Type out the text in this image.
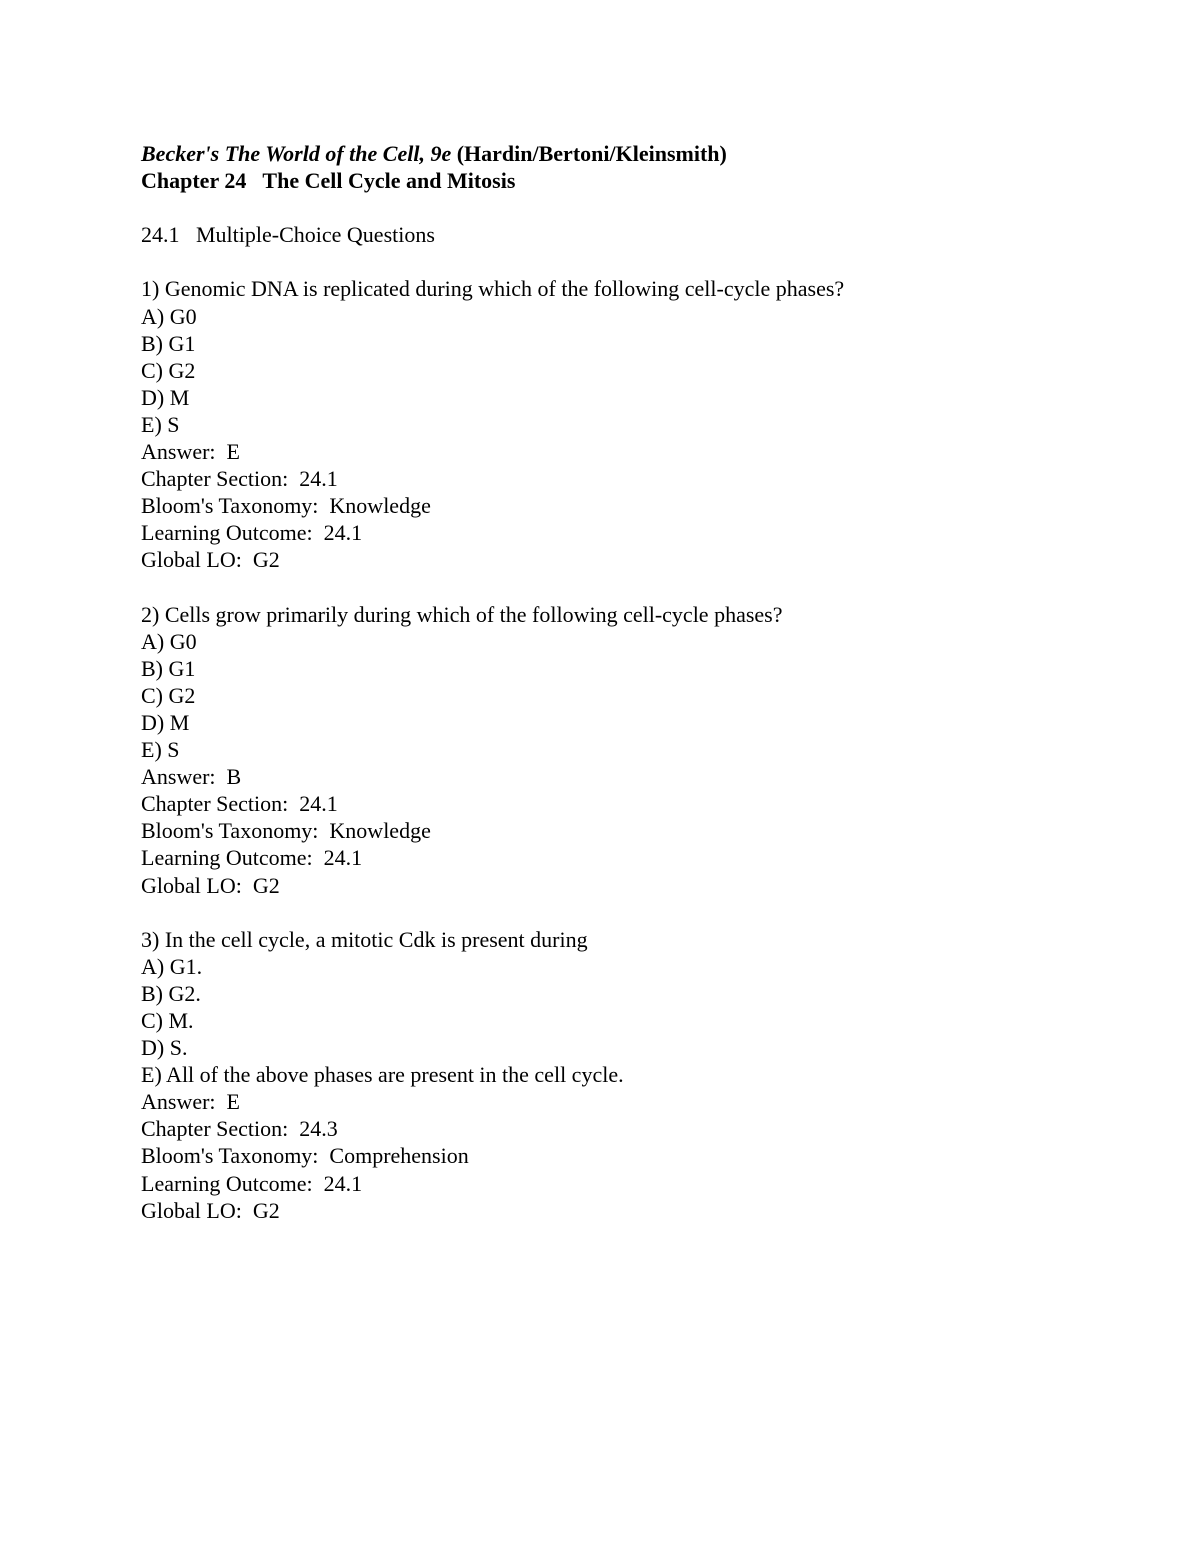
Becker's The World of the Cell, 9e (Hardin/Bertoni/Kleinsmith)
Chapter 24   The Cell Cycle and Mitosis
24.1   Multiple-Choice Questions
1) Genomic DNA is replicated during which of the following cell-cycle phases?
A) G0
B) G1
C) G2
D) M
E) S
Answer:  E
Chapter Section:  24.1
Bloom's Taxonomy:  Knowledge
Learning Outcome:  24.1
Global LO:  G2
2) Cells grow primarily during which of the following cell-cycle phases?
A) G0
B) G1
C) G2
D) M
E) S
Answer:  B
Chapter Section:  24.1
Bloom's Taxonomy:  Knowledge
Learning Outcome:  24.1
Global LO:  G2
3) In the cell cycle, a mitotic Cdk is present during
A) G1.
B) G2.
C) M.
D) S.
E) All of the above phases are present in the cell cycle.
Answer:  E
Chapter Section:  24.3
Bloom's Taxonomy:  Comprehension
Learning Outcome:  24.1
Global LO:  G2
